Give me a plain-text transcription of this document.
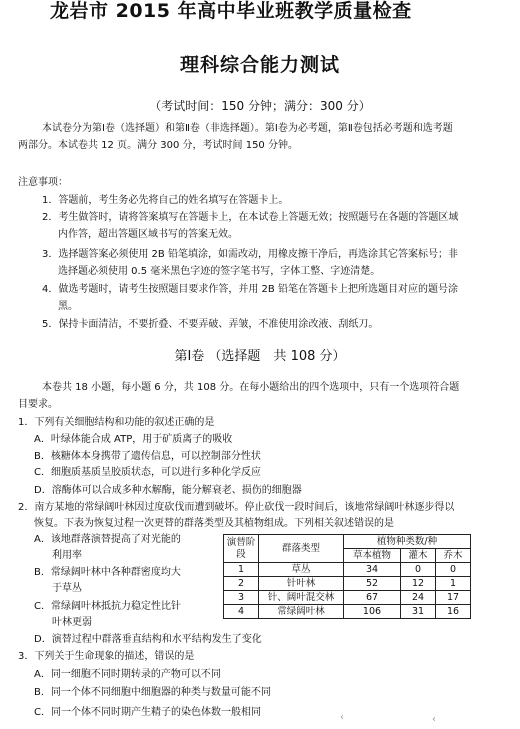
龙岩市 2015 年高中毕业班教学质量检查
理科综合能力测试
（考试时间：150 分钟；满分：300 分）
本试卷分为第Ⅰ卷（选择题）和第Ⅱ卷（非选择题）。第Ⅰ卷为必考题，第Ⅱ卷包括必考题和选考题
两部分。本试卷共 12 页。满分 300 分，考试时间 150 分钟。
注意事项：
1．答题前，考生务必先将自己的姓名填写在答题卡上。
2．考生做答时，请将答案填写在答题卡上，在本试卷上答题无效；按照题号在各题的答题区域
内作答，超出答题区域书写的答案无效。
3．选择题答案必须使用 2B 铅笔填涂，如需改动，用橡皮擦干净后，再选涂其它答案标号；非
选择题必须使用 0.5 毫米黑色字迹的签字笔书写，字体工整、字迹清楚。
4．做选考题时，请考生按照题目要求作答，并用 2B 铅笔在答题卡上把所选题目对应的题号涂
黑。
5．保持卡面清洁，不要折叠、不要弄破、弄皱，不准使用涂改液、刮纸刀。
第Ⅰ卷 （选择题　共 108 分）
本卷共 18 小题，每小题 6 分，共 108 分。在每小题给出的四个选项中，只有一个选项符合题
目要求。
1．下列有关细胞结构和功能的叙述正确的是
A．叶绿体能合成 ATP，用于矿质离子的吸收
B．核糖体本身携带了遗传信息，可以控制部分性状
C．细胞质基质呈胶质状态，可以进行多种化学反应
D．溶酶体可以合成多种水解酶，能分解衰老、损伤的细胞器
2．南方某地的常绿阔叶林因过度砍伐而遭到破坏。停止砍伐一段时间后，该地常绿阔叶林逐步得以
恢复。下表为恢复过程一次更替的群落类型及其植物组成。下列相关叙述错误的是
A．该地群落演替提高了对光能的
利用率
B．常绿阔叶林中各种群密度均大
于草丛
C．常绿阔叶林抵抗力稳定性比针
叶林更弱
D．演替过程中群落垂直结构和水平结构发生了变化
演替阶段	群落类型	植物种类数/种		
		草本植物	灌木	乔木
1	草丛	34	0	0
2	针叶林	52	12	1
3	针、阔叶混交林	67	24	17
4	常绿阔叶林	106	31	16
3．下列关于生命现象的描述，错误的是
A．同一细胞不同时期转录的产物可以不同
B．同一个体不同细胞中细胞器的种类与数量可能不同
C．同一个体不同时期产生精子的染色体数一般相同	‹	‹
